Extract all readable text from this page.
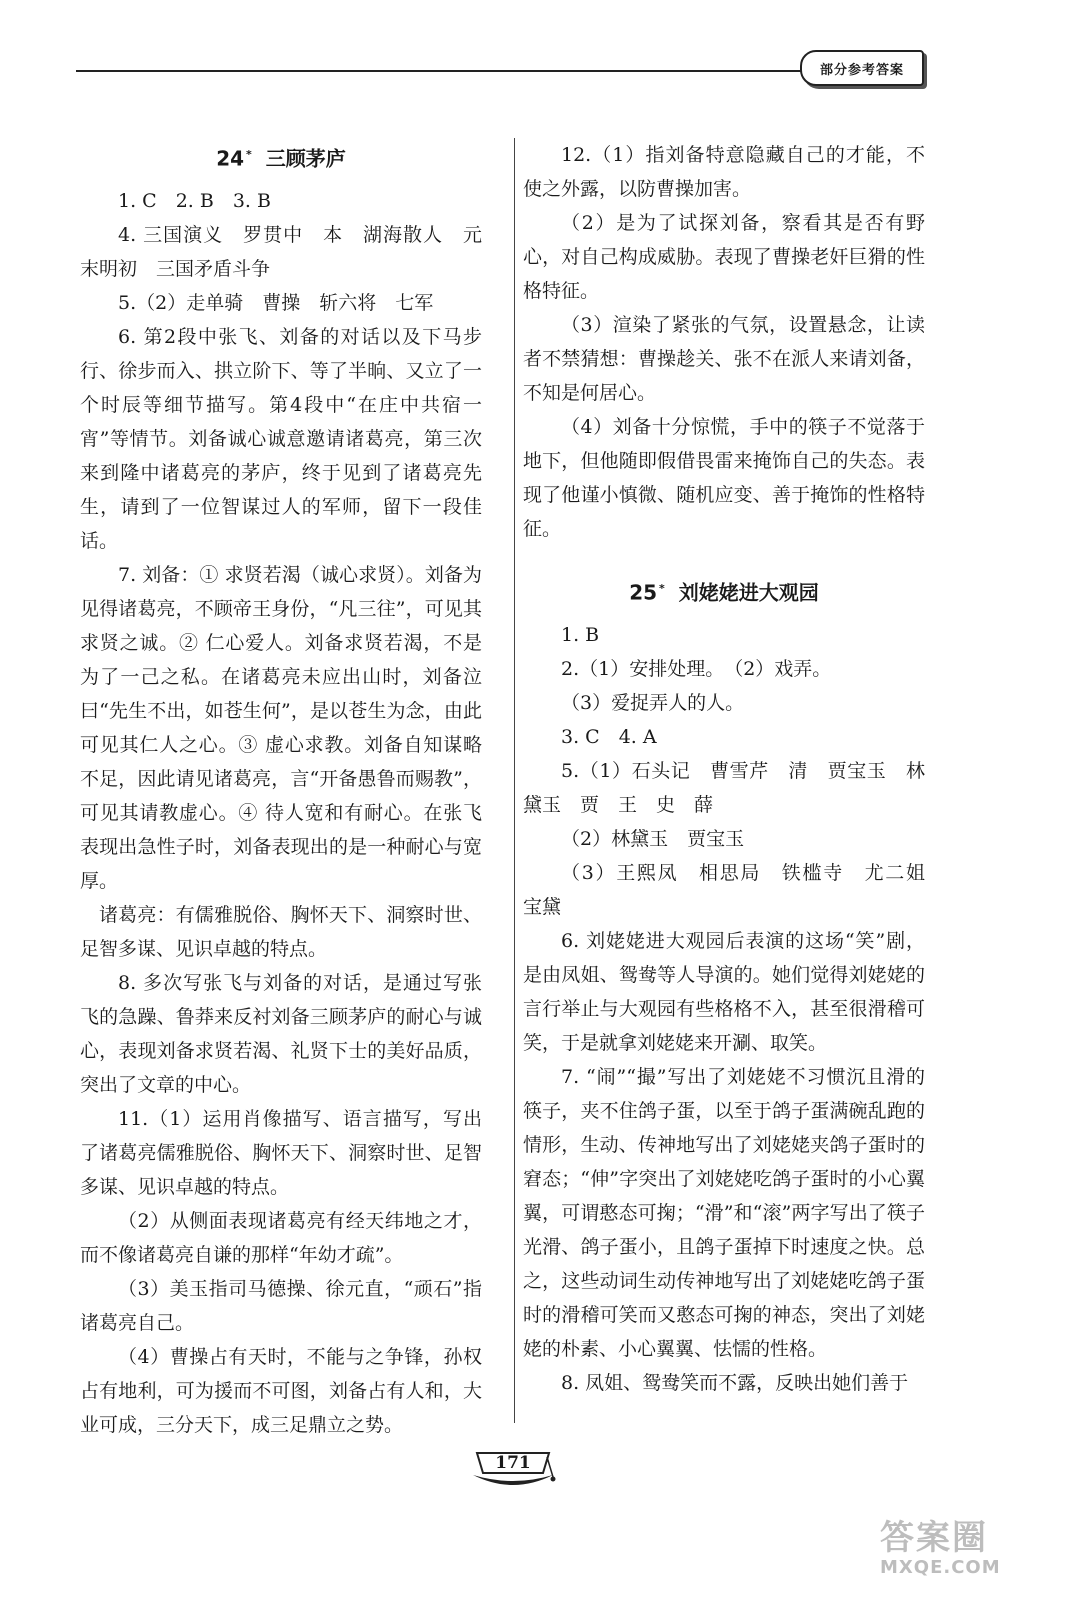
部分参考答案

24 * 三顾茅庐

1. C　2. B　3. B

4. 三国演义　罗贯中　本　湖海散人　元末明初　三国矛盾斗争

5.（2）走单骑　曹操　斩六将　七军

6. 第2段中张飞、刘备的对话以及下马步行、徐步而入、拱立阶下、等了半晌、又立了一个时辰等细节描写。第4段中“在庄中共宿一宵”等情节。刘备诚心诚意邀请诸葛亮，第三次来到隆中诸葛亮的茅庐，终于见到了诸葛亮先生，请到了一位智谋过人的军师，留下一段佳话。

7. 刘备：① 求贤若渴（诚心求贤）。刘备为见得诸葛亮，不顾帝王身份，“凡三往”，可见其求贤之诚。② 仁心爱人。刘备求贤若渴，不是为了一己之私。在诸葛亮未应出山时，刘备泣曰“先生不出，如苍生何”，是以苍生为念，由此可见其仁人之心。③ 虚心求教。刘备自知谋略不足，因此请见诸葛亮，言“开备愚鲁而赐教”，可见其请教虚心。④ 待人宽和有耐心。在张飞表现出急性子时，刘备表现出的是一种耐心与宽厚。

诸葛亮：有儒雅脱俗、胸怀天下、洞察时世、足智多谋、见识卓越的特点。

8. 多次写张飞与刘备的对话，是通过写张飞的急躁、鲁莽来反衬刘备三顾茅庐的耐心与诚心，表现刘备求贤若渴、礼贤下士的美好品质，突出了文章的中心。

11.（1）运用肖像描写、语言描写，写出了诸葛亮儒雅脱俗、胸怀天下、洞察时世、足智多谋、见识卓越的特点。

（2）从侧面表现诸葛亮有经天纬地之才，而不像诸葛亮自谦的那样“年幼才疏”。

（3）美玉指司马德操、徐元直，“顽石”指诸葛亮自己。

（4）曹操占有天时，不能与之争锋，孙权占有地利，可为援而不可图，刘备占有人和，大业可成，三分天下，成三足鼎立之势。

12.（1）指刘备特意隐藏自己的才能，不使之外露，以防曹操加害。

（2）是为了试探刘备，察看其是否有野心，对自己构成威胁。表现了曹操老奸巨猾的性格特征。

（3）渲染了紧张的气氛，设置悬念，让读者不禁猜想：曹操趁关、张不在派人来请刘备，不知是何居心。

（4）刘备十分惊慌，手中的筷子不觉落于地下，但他随即假借畏雷来掩饰自己的失态。表现了他谨小慎微、随机应变、善于掩饰的性格特征。

25 * 刘姥姥进大观园

1. B

2.（1）安排处理。　（2）戏弄。

（3）爱捉弄人的人。

3. C　4. A

5.（1）石头记　曹雪芹　清　贾宝玉　林黛玉　贾　王　史　薛

（2）林黛玉　贾宝玉

（3）王熙凤　相思局　铁槛寺　尤二姐　宝黛

6. 刘姥姥进大观园后表演的这场“笑”剧，是由凤姐、鸳鸯等人导演的。她们觉得刘姥姥的言行举止与大观园有些格格不入，甚至很滑稽可笑，于是就拿刘姥姥来开涮、取笑。

7. “闹”“撮”写出了刘姥姥不习惯沉且滑的筷子，夹不住鸽子蛋，以至于鸽子蛋满碗乱跑的情形，生动、传神地写出了刘姥姥夹鸽子蛋时的窘态；“伸”字突出了刘姥姥吃鸽子蛋时的小心翼翼，可谓憨态可掬；“滑”和“滚”两字写出了筷子光滑、鸽子蛋小，且鸽子蛋掉下时速度之快。总之，这些动词生动传神地写出了刘姥姥吃鸽子蛋时的滑稽可笑而又憨态可掬的神态，突出了刘姥姥的朴素、小心翼翼、怯懦的性格。

8. 凤姐、鸳鸯笑而不露，反映出她们善于

171
答案圈
MXQE.COM
